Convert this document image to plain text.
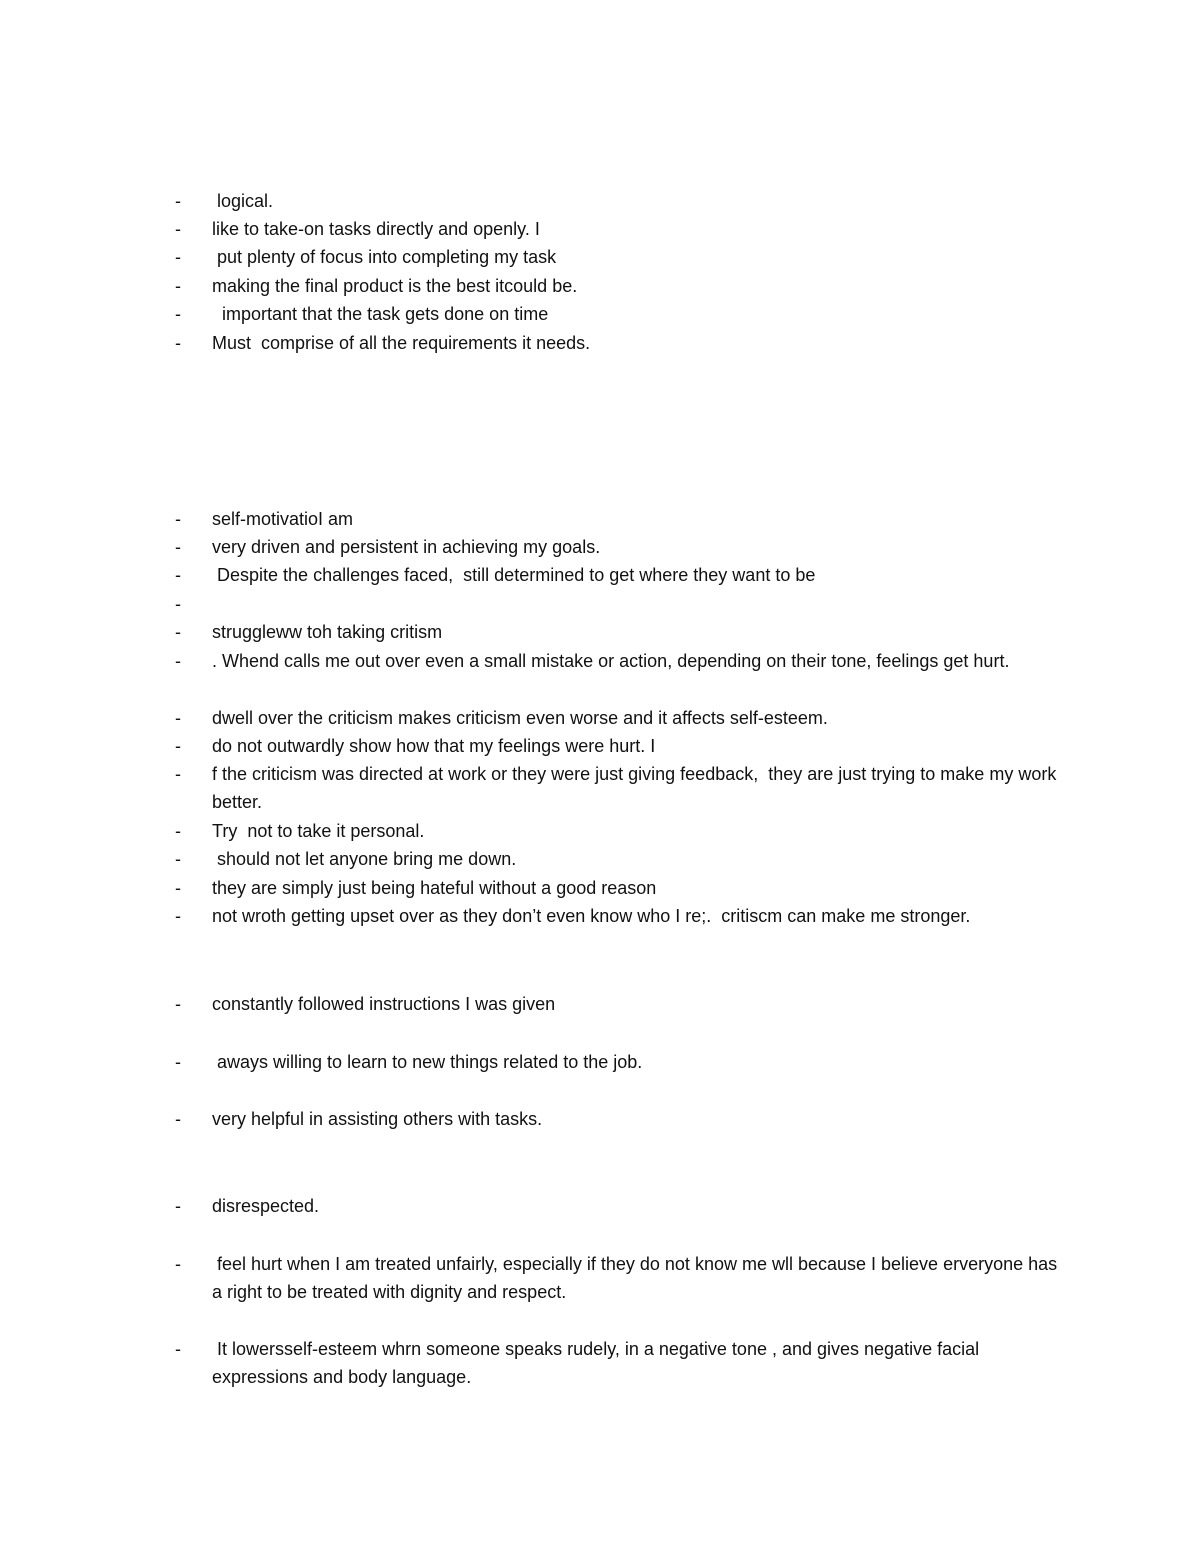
-	logical.
-	like to take-on tasks directly and openly. I
-	put plenty of focus into completing my task
-	making the final product is the best itcould be.
-	important that the task gets done on time
-	Must  comprise of all the requirements it needs.
-	self-motivatioI am
-	very driven and persistent in achieving my goals.
-	Despite the challenges faced,  still determined to get where they want to be
-
-	struggleww toh taking critism
-	. Whend calls me out over even a small mistake or action, depending on their tone, feelings get hurt.
-	dwell over the criticism makes criticism even worse and it affects self-esteem.
-	do not outwardly show how that my feelings were hurt. I
-	f the criticism was directed at work or they were just giving feedback,  they are just trying to make my work better.
-	Try  not to take it personal.
-	should not let anyone bring me down.
-	they are simply just being hateful without a good reason
-	not wroth getting upset over as they don’t even know who I re;.  critiscm can make me stronger.
-	constantly followed instructions I was given
-	aways willing to learn to new things related to the job.
-	very helpful in assisting others with tasks.
-	disrespected.
-	feel hurt when I am treated unfairly, especially if they do not know me wll because I believe erveryone has a right to be treated with dignity and respect.
-	It lowersself-esteem whrn someone speaks rudely, in a negative tone , and gives negative facial expressions and body language.
